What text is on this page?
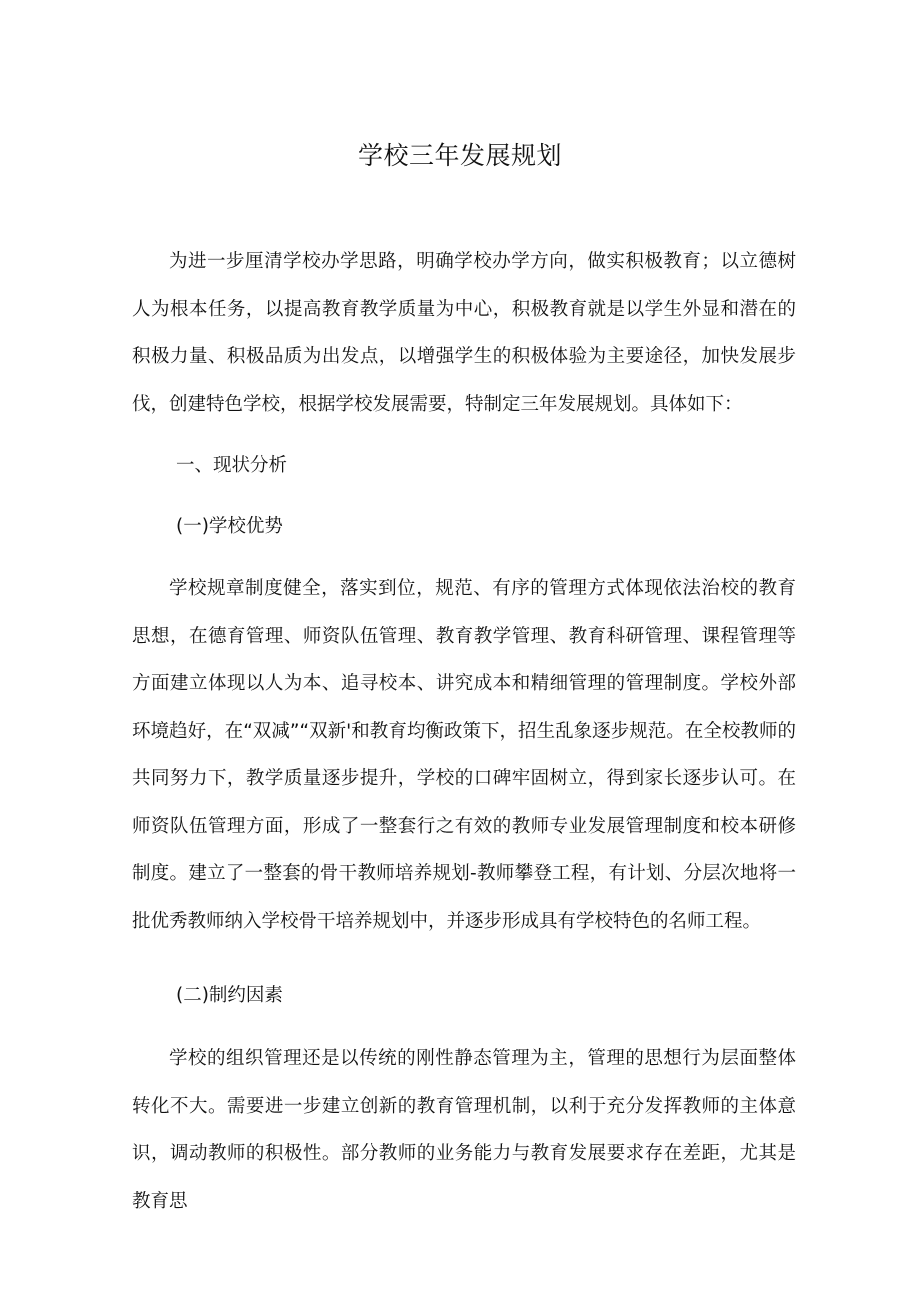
学校三年发展规划

为进一步厘清学校办学思路，明确学校办学方向，做实积极教育；以立德树人为根本任务，以提高教育教学质量为中心，积极教育就是以学生外显和潜在的积极力量、积极品质为出发点，以增强学生的积极体验为主要途径，加快发展步伐，创建特色学校，根据学校发展需要，特制定三年发展规划。具体如下：

一、现状分析

(一)学校优势

学校规章制度健全，落实到位，规范、有序的管理方式体现依法治校的教育思想，在德育管理、师资队伍管理、教育教学管理、教育科研管理、课程管理等方面建立体现以人为本、追寻校本、讲究成本和精细管理的管理制度。学校外部环境趋好，在“双减”“双新'和教育均衡政策下，招生乱象逐步规范。在全校教师的共同努力下，教学质量逐步提升，学校的口碑牢固树立，得到家长逐步认可。在师资队伍管理方面，形成了一整套行之有效的教师专业发展管理制度和校本研修制度。建立了一整套的骨干教师培养规划-教师攀登工程，有计划、分层次地将一批优秀教师纳入学校骨干培养规划中，并逐步形成具有学校特色的名师工程。

(二)制约因素

学校的组织管理还是以传统的刚性静态管理为主，管理的思想行为层面整体转化不大。需要进一步建立创新的教育管理机制，以利于充分发挥教师的主体意识，调动教师的积极性。部分教师的业务能力与教育发展要求存在差距，尤其是教育思
